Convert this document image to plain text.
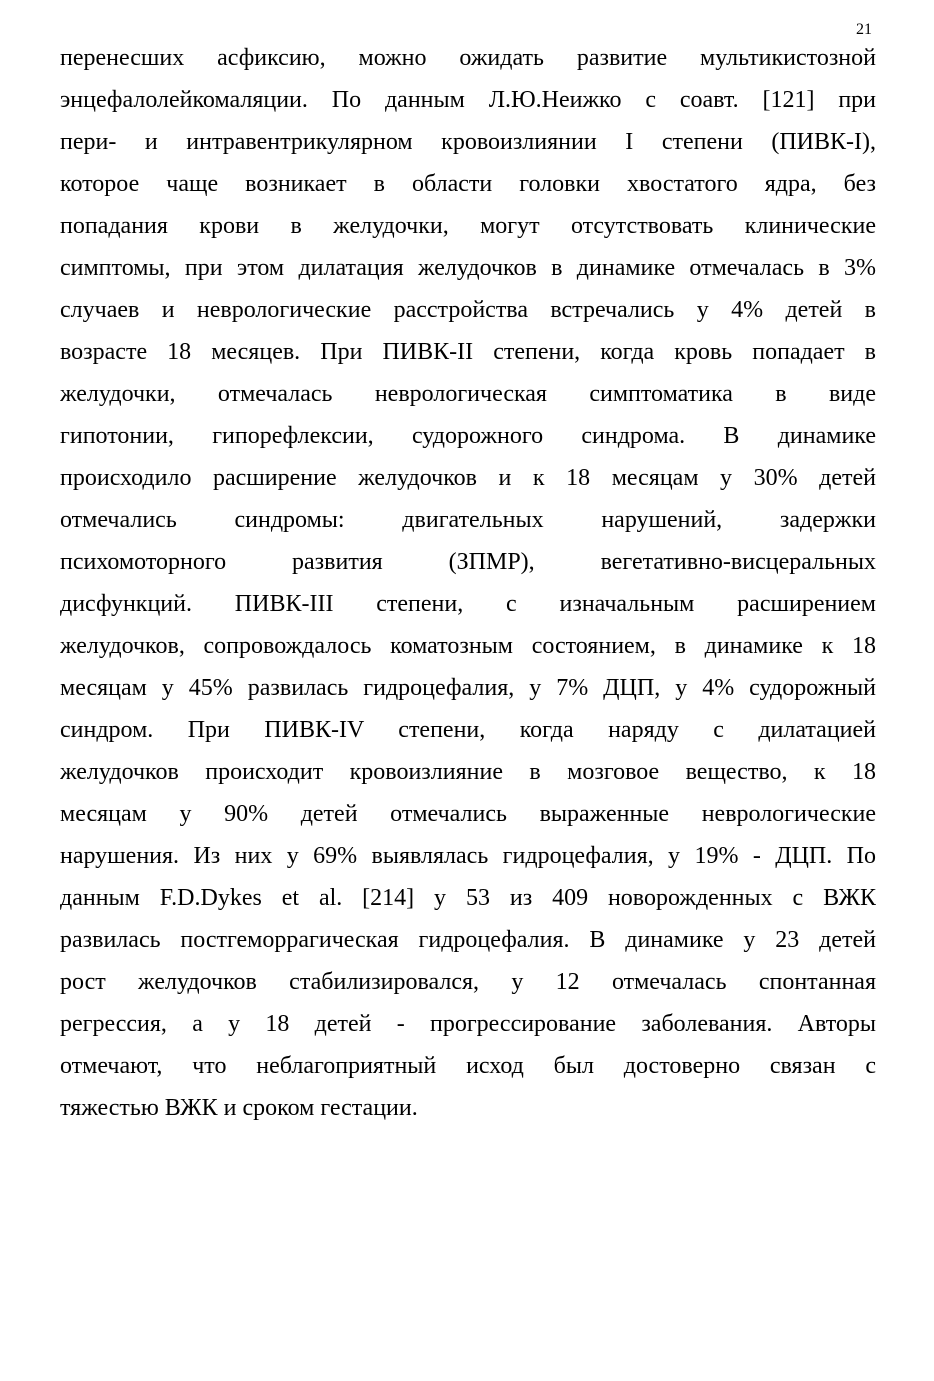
21
перенесших асфиксию, можно ожидать развитие мультикистозной
энцефалолейкомаляции. По данным Л.Ю.Неижко с соавт. [121] при
пери- и интравентрикулярном кровоизлиянии I степени (ПИВК-I),
которое чаще возникает в области головки хвостатого ядра, без
попадания крови в желудочки, могут отсутствовать клинические
симптомы, при этом дилатация желудочков в динамике отмечалась в 3%
случаев и неврологические расстройства встречались у 4% детей в
возрасте 18 месяцев. При ПИВК-II степени, когда кровь попадает в
желудочки, отмечалась неврологическая симптоматика в виде
гипотонии, гипорефлексии, судорожного синдрома. В динамике
происходило расширение желудочков и к 18 месяцам у 30% детей
отмечались синдромы: двигательных нарушений, задержки
психомоторного развития (ЗПМР), вегетативно-висцеральных
дисфункций. ПИВК-III степени, с изначальным расширением
желудочков, сопровождалось коматозным состоянием, в динамике к 18
месяцам у 45% развилась гидроцефалия, у 7% ДЦП, у 4% судорожный
синдром. При ПИВК-IV степени, когда наряду с дилатацией
желудочков происходит кровоизлияние в мозговое вещество, к 18
месяцам у 90% детей отмечались выраженные неврологические
нарушения. Из них у 69% выявлялась гидроцефалия, у 19% - ДЦП. По
данным F.D.Dykes et al. [214] у 53 из 409 новорожденных с ВЖК
развилась постгеморрагическая гидроцефалия. В динамике у 23 детей
рост желудочков стабилизировался, у 12 отмечалась спонтанная
регрессия, а у 18 детей - прогрессирование заболевания. Авторы
отмечают, что неблагоприятный исход был достоверно связан с
тяжестью ВЖК и сроком гестации.
